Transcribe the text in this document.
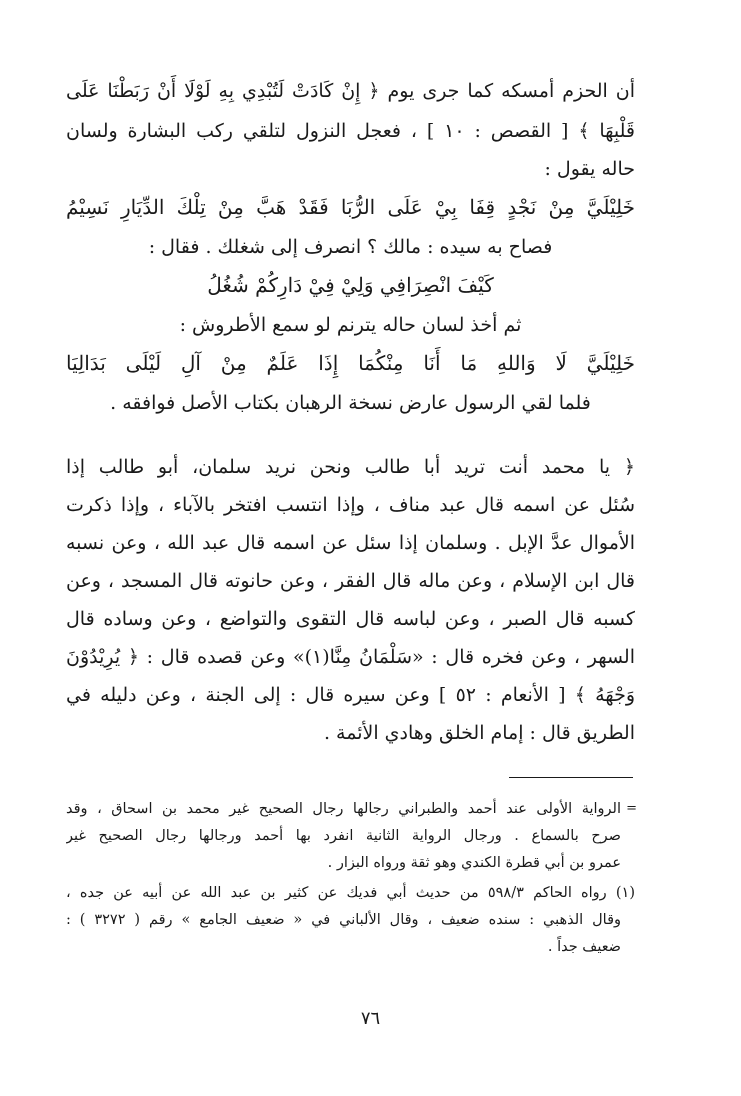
أن الحزم أمسكه كما جرى يوم ﴿ إِنْ كَادَتْ لَتُبْدِي بِهِ لَوْلَا أَنْ رَبَطْنَا عَلَى
قَلْبِهَا ﴾ [ القصص : ١٠ ] ، فعجل النزول لتلقي ركب البشارة ولسان
حاله يقول :
خَلِيْلَيَّ مِنْ نَجْدٍ قِفَا بِيْ عَلَى الرُّبَا فَقَدْ هَبَّ مِنْ تِلْكَ الدِّيَارِ نَسِيْمُ
فصاح به سيده : مالك ؟ انصرف إلى شغلك . فقال :
كَيْفَ انْصِرَافِي وَلِيْ فِيْ دَارِكُمْ شُغُلُ
ثم أخذ لسان حاله يترنم لو سمع الأطروش :
خَلِيْلَيَّ لَا وَاللهِ مَا أَنَا مِنْكُمَا إِذَا عَلَمٌ مِنْ آلِ لَيْلَى بَدَالِيَا
فلما لقي الرسول عارض نسخة الرهبان بكتاب الأصل فوافقه .
﴿ يا محمد أنت تريد أبا طالب ونحن نريد سلمان، أبو طالب إذا
سُئل عن اسمه قال عبد مناف ، وإذا انتسب افتخر بالآباء ، وإذا ذكرت
الأموال عدَّ الإبل . وسلمان إذا سئل عن اسمه قال عبد الله ، وعن نسبه
قال ابن الإسلام ، وعن ماله قال الفقر ، وعن حانوته قال المسجد ، وعن
كسبه قال الصبر ، وعن لباسه قال التقوى والتواضع ، وعن وساده قال
السهر ، وعن فخره قال : «سَلْمَانُ مِنَّا(١)» وعن قصده قال : ﴿ يُرِيْدُوْنَ
وَجْهَهُ ﴾ [ الأنعام : ٥٢ ] وعن سيره قال : إلى الجنة ، وعن دليله في
الطريق قال : إمام الخلق وهادي الأئمة .
=
الرواية الأولى عند أحمد والطبراني رجالها رجال الصحيح غير محمد بن اسحاق ، وقد
صرح بالسماع . ورجال الرواية الثانية انفرد بها أحمد ورجالها رجال الصحيح غير
عمرو بن أبي قطرة الكندي وهو ثقة ورواه البزار .
(١) رواه الحاكم ٥٩٨/٣ من حديث أبي فديك عن كثير بن عبد الله عن أبيه عن جده ،
وقال الذهبي : سنده ضعيف ، وقال الألباني في « ضعيف الجامع » رقم ( ٣٢٧٢ ) :
ضعيف جداً .
٧٦
